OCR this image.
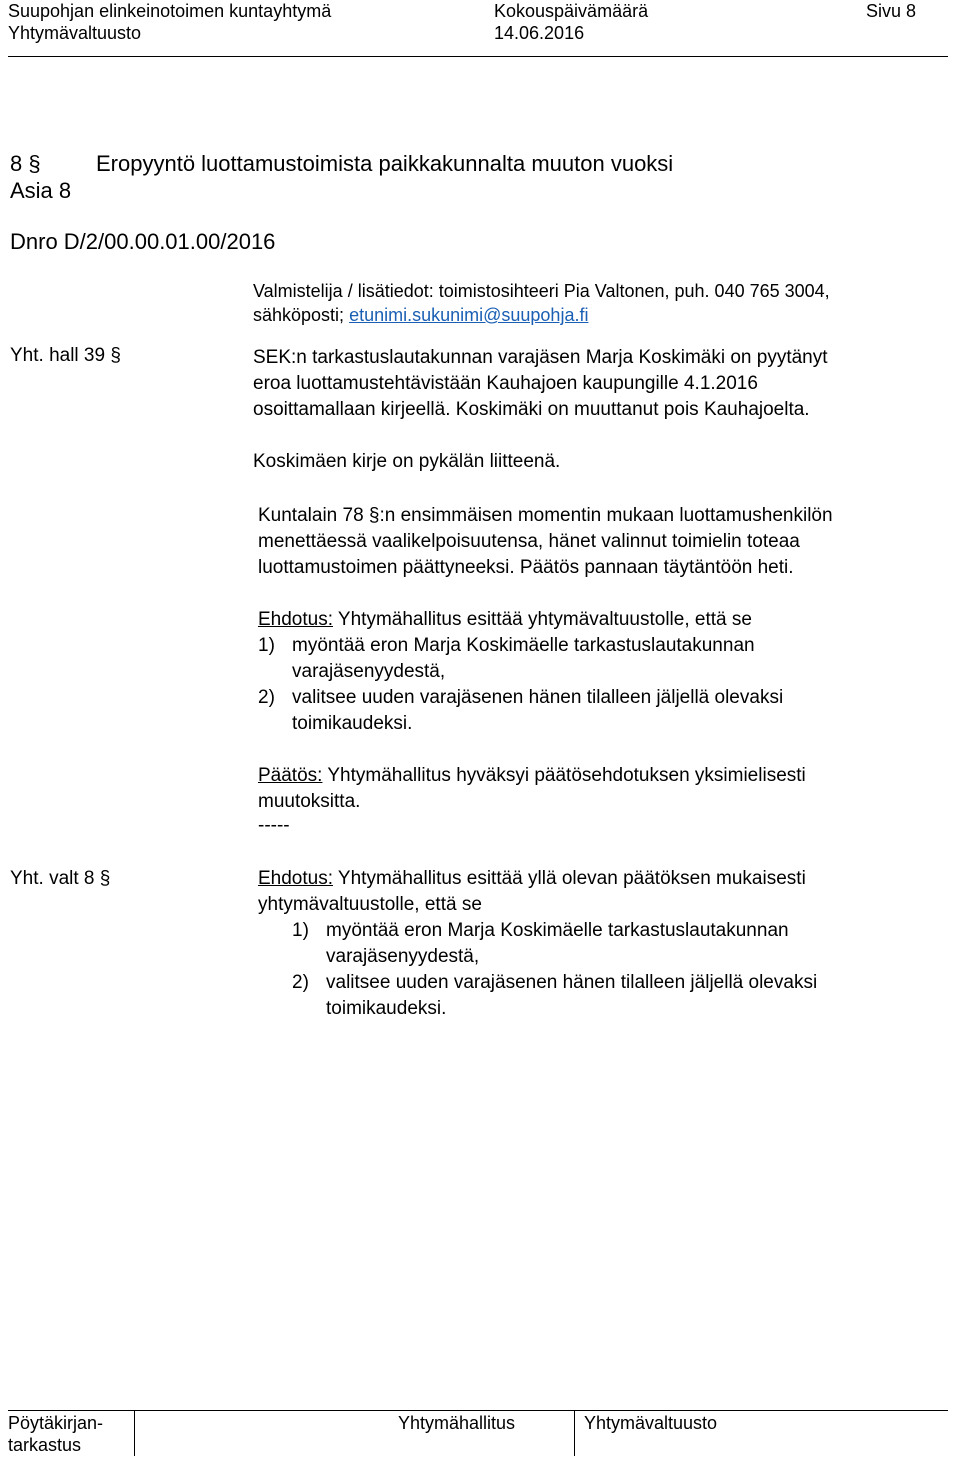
Suupohjan elinkeinotoimen kuntayhtymä
Yhtymävaltuusto
Kokouspäivämäärä
14.06.2016
Sivu 8
8 §	Eropyyntö luottamustoimista paikkakunnalta muuton vuoksi
Asia 8
Dnro D/2/00.00.01.00/2016
Valmistelija / lisätiedot: toimistosihteeri Pia Valtonen, puh. 040 765 3004,
sähköposti; etunimi.sukunimi@suupohja.fi
Yht. hall 39 §	SEK:n tarkastuslautakunnan varajäsen Marja Koskimäki on pyytänyt
eroa luottamustehtävistään Kauhajoen kaupungille 4.1.2016
osoittamallaan kirjeellä. Koskimäki on muuttanut pois Kauhajoelta.
Koskimäen kirje on pykälän liitteenä.
Kuntalain 78 §:n ensimmäisen momentin mukaan luottamushenkilön
menettäessä vaalikelpoisuutensa, hänet valinnut toimielin toteaa
luottamustoimen päättyneeksi. Päätös pannaan täytäntöön heti.
Ehdotus: Yhtymähallitus esittää yhtymävaltuustolle, että se
1) myöntää eron Marja Koskimäelle tarkastuslautakunnan
varajäsenyydestä,
2) valitsee uuden varajäsenen hänen tilalleen jäljellä olevaksi
toimikaudeksi.
Päätös: Yhtymähallitus hyväksyi päätösehdotuksen yksimielisesti
muutoksitta.
-----
Yht. valt 8 §	Ehdotus: Yhtymähallitus esittää yllä olevan päätöksen mukaisesti
yhtymävaltuustolle, että se
1) myöntää eron Marja Koskimäelle tarkastuslautakunnan
varajäsenyydestä,
2) valitsee uuden varajäsenen hänen tilalleen jäljellä olevaksi
toimikaudeksi.
Pöytäkirjan-
tarkastus
Yhtymähallitus	Yhtymävaltuusto
